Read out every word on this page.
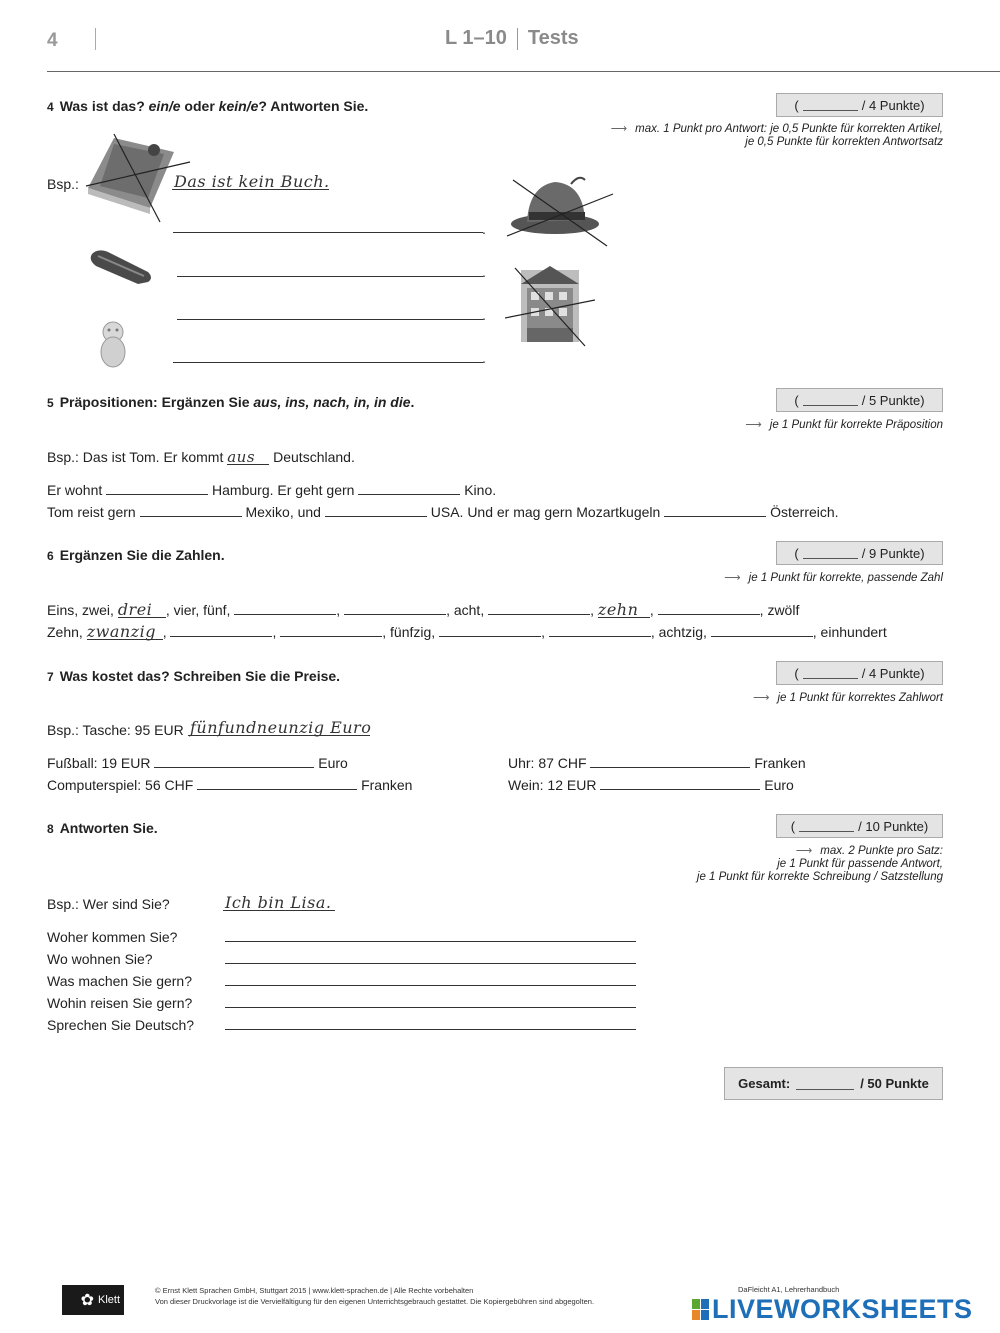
4	L 1–10 Tests
4 Was ist das? ein/e oder kein/e? Antworten Sie.	(	/ 4 Punkte)
⟶ max. 1 Punkt pro Antwort: je 0,5 Punkte für korrekten Artikel,
je 0,5 Punkte für korrekten Antwortsatz
Bsp.:	Das ist kein Buch.
.
.
.
.
5 Präpositionen: Ergänzen Sie aus, ins, nach, in, in die.	(	/ 5 Punkte)
⟶ je 1 Punkt für korrekte Präposition
Bsp.: Das ist Tom. Er kommt aus Deutschland.
Er wohnt	Hamburg. Er geht gern	Kino.
Tom reist gern	Mexiko, und	USA. Und er mag gern Mozartkugeln	Österreich.
6 Ergänzen Sie die Zahlen.	(	/ 9 Punkte)
⟶ je 1 Punkt für korrekte, passende Zahl
Eins, zwei, drei , vier, fünf,	,	, acht,	, zehn ,	, zwölf
Zehn, zwanzig ,	,	, fünfzig,	,	, achtzig,	, einhundert
7 Was kostet das? Schreiben Sie die Preise.	(	/ 4 Punkte)
⟶ je 1 Punkt für korrektes Zahlwort
Bsp.: Tasche: 95 EUR fünfundneunzig Euro
Fußball: 19 EUR	Euro
Computerspiel: 56 CHF	Franken
Uhr: 87 CHF	Franken
Wein: 12 EUR	Euro
8 Antworten Sie.	(	/ 10 Punkte)
⟶ max. 2 Punkte pro Satz:
je 1 Punkt für passende Antwort,
je 1 Punkt für korrekte Schreibung / Satzstellung
Bsp.: Wer sind Sie?	Ich bin Lisa.
Woher kommen Sie?
Wo wohnen Sie?
Was machen Sie gern?
Wohin reisen Sie gern?
Sprechen Sie Deutsch?
Gesamt:	/ 50 Punkte
✿ Klett
© Ernst Klett Sprachen GmbH, Stuttgart 2015 | www.klett-sprachen.de | Alle Rechte vorbehalten
Von dieser Druckvorlage ist die Vervielfältigung für den eigenen Unterrichtsgebrauch gestattet. Die Kopiergebühren sind abgegolten.
DaFleicht A1, Lehrerhandbuch
LIVEWORKSHEETS
